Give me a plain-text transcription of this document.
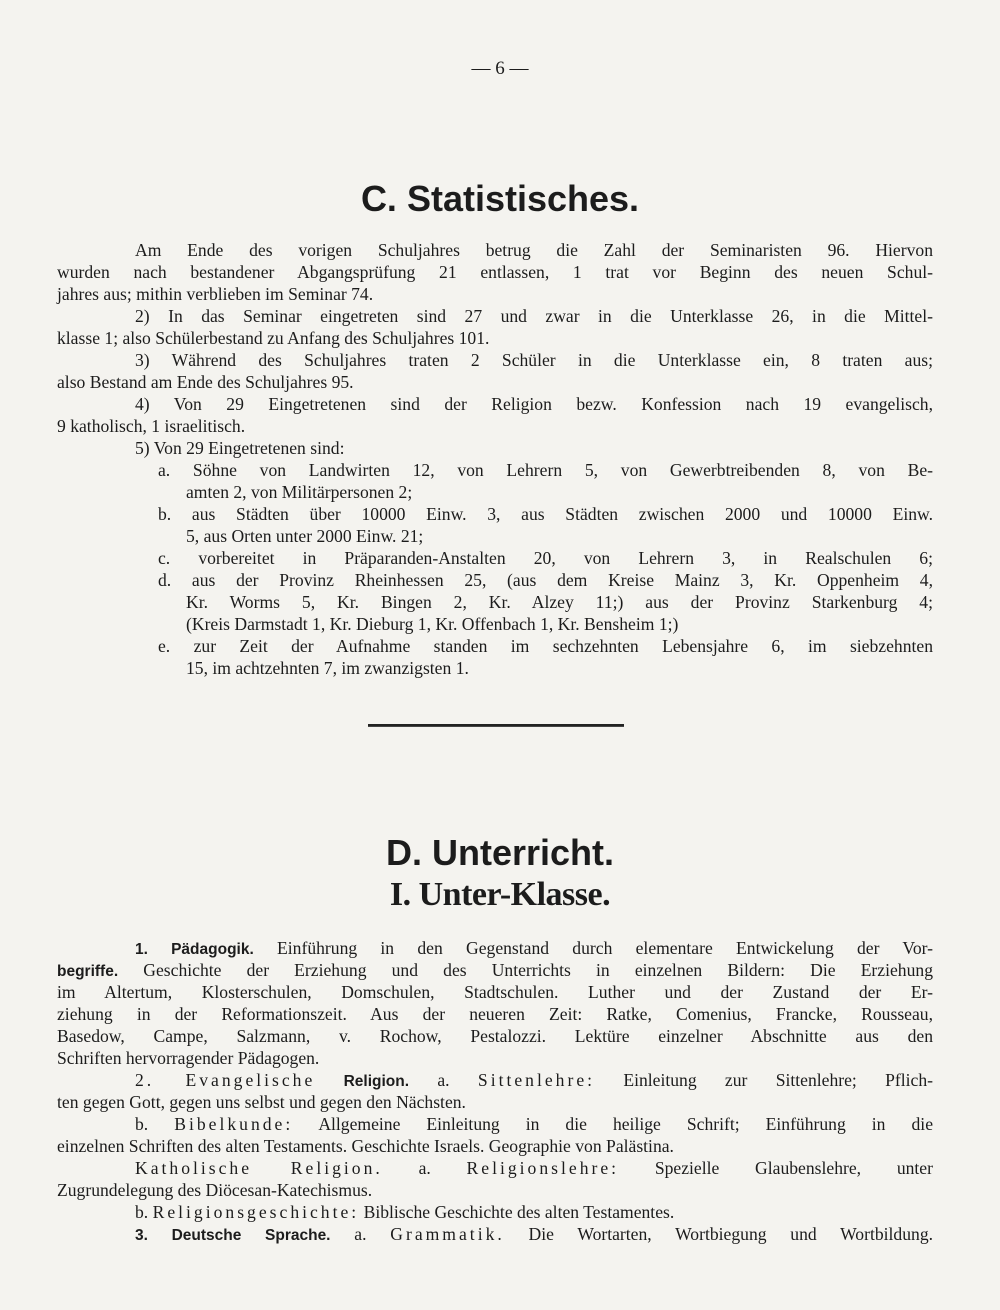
— 6 —
C. Statistisches.
Am Ende des vorigen Schuljahres betrug die Zahl der Seminaristen 96. Hiervon
wurden nach bestandener Abgangsprüfung 21 entlassen, 1 trat vor Beginn des neuen Schul-
jahres aus; mithin verblieben im Seminar 74.
2) In das Seminar eingetreten sind 27 und zwar in die Unterklasse 26, in die Mittel-
klasse 1; also Schülerbestand zu Anfang des Schuljahres 101.
3) Während des Schuljahres traten 2 Schüler in die Unterklasse ein, 8 traten aus;
also Bestand am Ende des Schuljahres 95.
4) Von 29 Eingetretenen sind der Religion bezw. Konfession nach 19 evangelisch,
9 katholisch, 1 israelitisch.
5) Von 29 Eingetretenen sind:
a. Söhne von Landwirten 12, von Lehrern 5, von Gewerbtreibenden 8, von Be-
amten 2, von Militärpersonen 2;
b. aus Städten über 10000 Einw. 3, aus Städten zwischen 2000 und 10000 Einw.
5, aus Orten unter 2000 Einw. 21;
c. vorbereitet in Präparanden-Anstalten 20, von Lehrern 3, in Realschulen 6;
d. aus der Provinz Rheinhessen 25, (aus dem Kreise Mainz 3, Kr. Oppenheim 4,
Kr. Worms 5, Kr. Bingen 2, Kr. Alzey 11;) aus der Provinz Starkenburg 4;
(Kreis Darmstadt 1, Kr. Dieburg 1, Kr. Offenbach 1, Kr. Bensheim 1;)
e. zur Zeit der Aufnahme standen im sechzehnten Lebensjahre 6, im siebzehnten
15, im achtzehnten 7, im zwanzigsten 1.
D. Unterricht.
I. Unter-Klasse.
1. Pädagogik. Einführung in den Gegenstand durch elementare Entwickelung der Vor-
begriffe. Geschichte der Erziehung und des Unterrichts in einzelnen Bildern: Die Erziehung
im Altertum, Klosterschulen, Domschulen, Stadtschulen. Luther und der Zustand der Er-
ziehung in der Reformationszeit. Aus der neueren Zeit: Ratke, Comenius, Francke, Rousseau,
Basedow, Campe, Salzmann, v. Rochow, Pestalozzi. Lektüre einzelner Abschnitte aus den
Schriften hervorragender Pädagogen.
2. Evangelische Religion. a. Sittenlehre: Einleitung zur Sittenlehre; Pflich-
ten gegen Gott, gegen uns selbst und gegen den Nächsten.
b. Bibelkunde: Allgemeine Einleitung in die heilige Schrift; Einführung in die
einzelnen Schriften des alten Testaments. Geschichte Israels. Geographie von Palästina.
Katholische Religion. a. Religionslehre: Spezielle Glaubenslehre, unter
Zugrundelegung des Diöcesan-Katechismus.
b. Religionsgeschichte: Biblische Geschichte des alten Testamentes.
3. Deutsche Sprache. a. Grammatik. Die Wortarten, Wortbiegung und Wortbildung.
